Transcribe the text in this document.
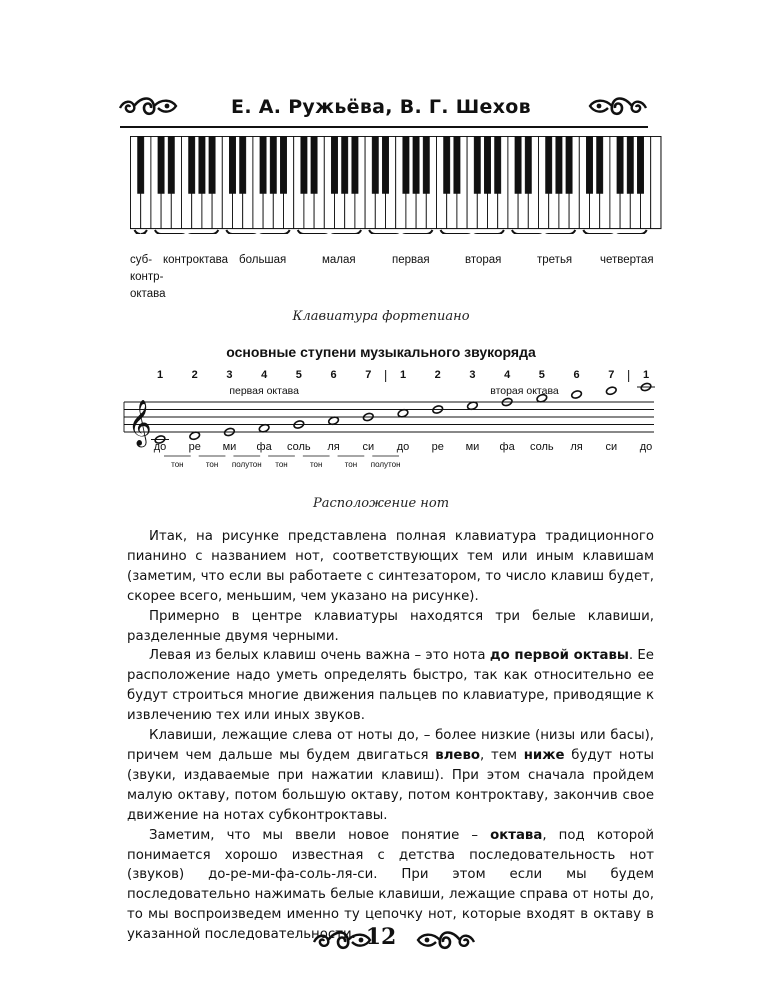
Е. А. Ружьёва, В. Г. Шехов
суб-
контр-
октава
контроктава большая	малая	первая	вторая	третья четвертая
Клавиатура фортепиано
основные ступени музыкального звукоряда
𝄞
1
до
2
ре
3
ми
4
фа
5
соль
6
ля
7
си
1
до
2
ре
3
ми
4
фа
5
соль
6
ля
7
си
1
до
первая октава	вторая октава
тон	тон полутон тон	тон	тон полутон
Расположение нот

Итак, на рисунке представлена полная клавиатура традиционного пианино с названием нот, соответствующих тем или иным клавишам (заметим, что если вы работаете с синтезатором, то число клавиш будет, скорее всего, меньшим, чем указано на рисунке).

Примерно в центре клавиатуры находятся три белые клавиши, разделенные двумя черными.

Левая из белых клавиш очень важна – это нота до первой октавы. Ее расположение надо уметь определять быстро, так как относительно ее будут строиться многие движения пальцев по клавиатуре, приводящие к извлечению тех или иных звуков.

Клавиши, лежащие слева от ноты до, – более низкие (низы или басы), причем чем дальше мы будем двигаться влево, тем ниже будут ноты (звуки, издаваемые при нажатии клавиш). При этом сначала пройдем малую октаву, потом большую октаву, потом контроктаву, закончив свое движение на нотах субконтроктавы.

Заметим, что мы ввели новое понятие – октава, под которой понимается хорошо известная с детства последовательность нот (звуков) до-ре-ми-фа-соль-ля-си. При этом если мы будем последовательно нажимать белые клавиши, лежащие справа от ноты до, то мы воспроизведем именно ту цепочку нот, которые входят в октаву в указанной последовательности. 12
